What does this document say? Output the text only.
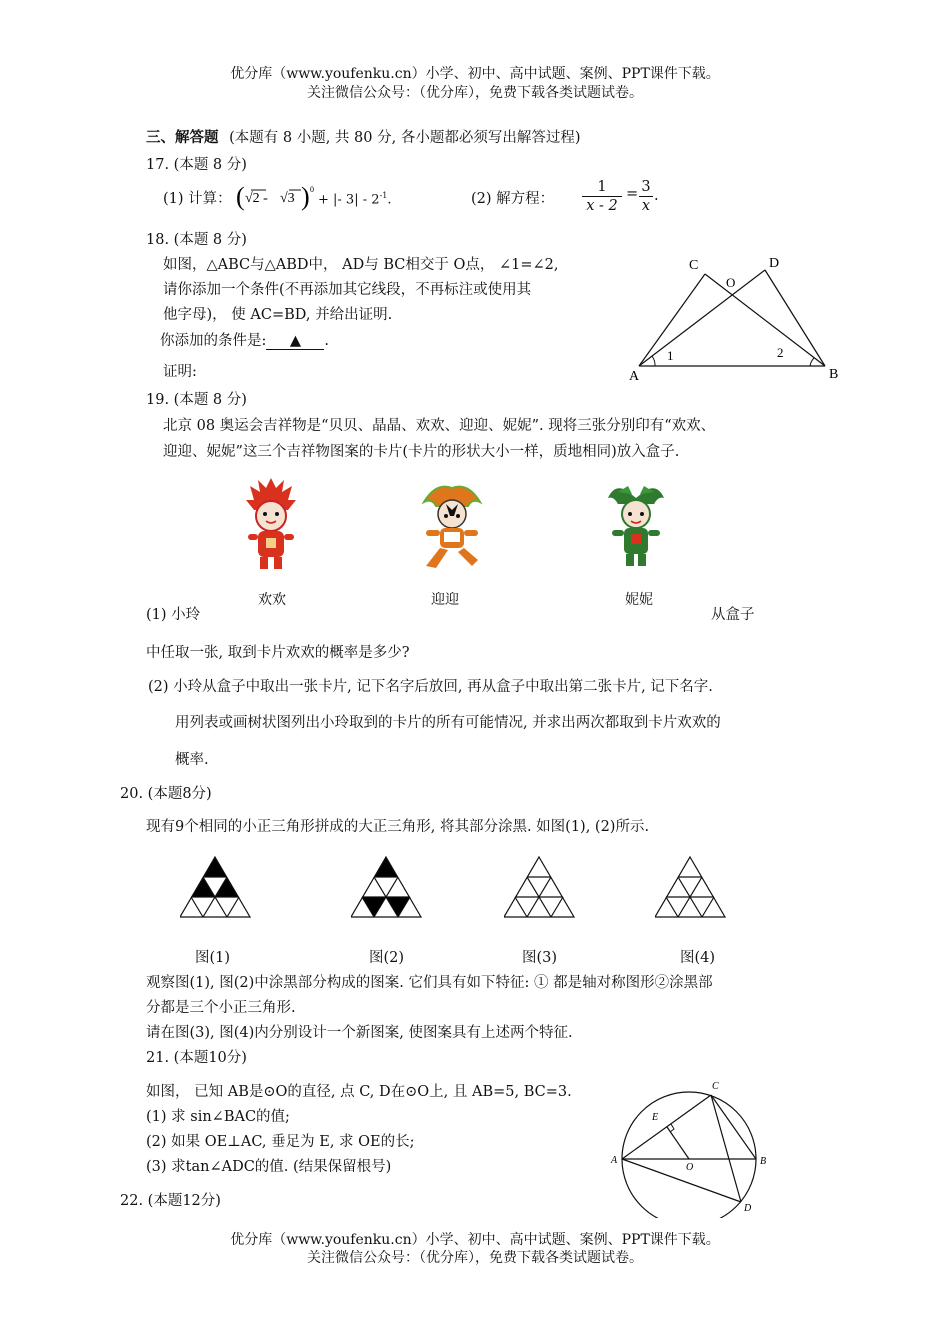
优分库（www.youfenku.cn）小学、初中、高中试题、案例、PPT课件下载。
关注微信公众号：（优分库），免费下载各类试题试卷。
三、解答题 (本题有 8 小题, 共 80 分, 各小题都必须写出解答过程)
17. (本题 8 分)
(1) 计算： ( √2 - √3 ) 0
+ |- $3| - 2^{-1}$.	(2) 解方程： $\frac{1}{x - 2} = \frac{3}{x}$ .
18. (本题 8 分)
如图，△ABC与△ABD中， AD与 BC相交于 O点， ∠1=∠2,
请你添加一个条件(不再添加其它线段，不再标注或使用其
他字母)， 使 AC=BD, 并给出证明.
你添加的条件是: ▲ .
证明:
C
O
D
A	B
1	2
19. (本题 8 分)
北京 08 奥运会吉祥物是“贝贝、晶晶、欢欢、迎迎、妮妮”. 现将三张分别印有“欢欢、
迎迎、妮妮”这三个吉祥物图案的卡片(卡片的形状大小一样，质地相同)放入盒子.
欢欢	迎迎	妮妮
(1) 小玲	从盒子
中任取一张, 取到卡片欢欢的概率是多少?
(2) 小玲从盒子中取出一张卡片, 记下名字后放回, 再从盒子中取出第二张卡片, 记下名字.
用列表或画树状图列出小玲取到的卡片的所有可能情况, 并求出两次都取到卡片欢欢的
概率.
20. (本题8分)
现有9个相同的小正三角形拼成的大正三角形, 将其部分涂黑. 如图(1), (2)所示.
图(1)	图(2)	图(3)	图(4)
观察图(1), 图(2)中涂黑部分构成的图案. 它们具有如下特征: ① 都是轴对称图形②涂黑部
分都是三个小正三角形.
请在图(3), 图(4)内分别设计一个新图案, 使图案具有上述两个特征.
21. (本题10分)
如图， 已知 AB是⊙O的直径, 点 C, D在⊙O上, 且 AB=5, BC=3.
(1) 求 sin∠BAC的值;
(2) 如果 OE⊥AC, 垂足为 E, 求 OE的长;
(3) 求tan∠ADC的值. (结果保留根号)	A	B
C
D
E
O
22. (本题12分)
优分库（www.youfenku.cn）小学、初中、高中试题、案例、PPT课件下载。
关注微信公众号：（优分库），免费下载各类试题试卷。
